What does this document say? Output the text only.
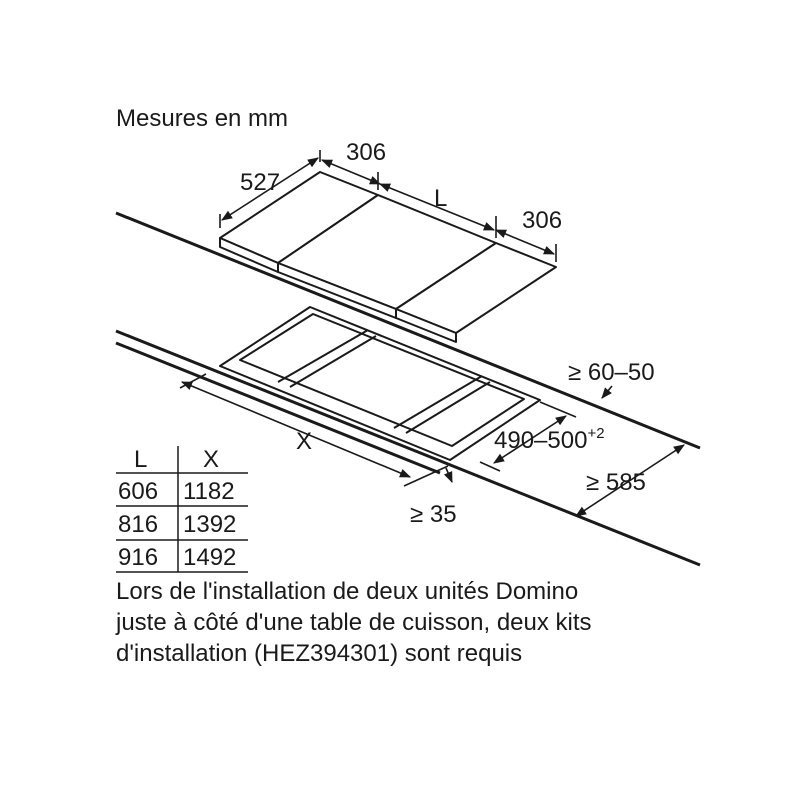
Mesures en mm
527
306
L
306
X	$490-500^{+2}$
≥ 60–50
≥ 585
≥ 35
L X
606 1182
816 1392
916 1492
Lors de l'installation de deux unités Domino
juste à côté d'une table de cuisson, deux kits
d'installation (HEZ394301) sont requis
